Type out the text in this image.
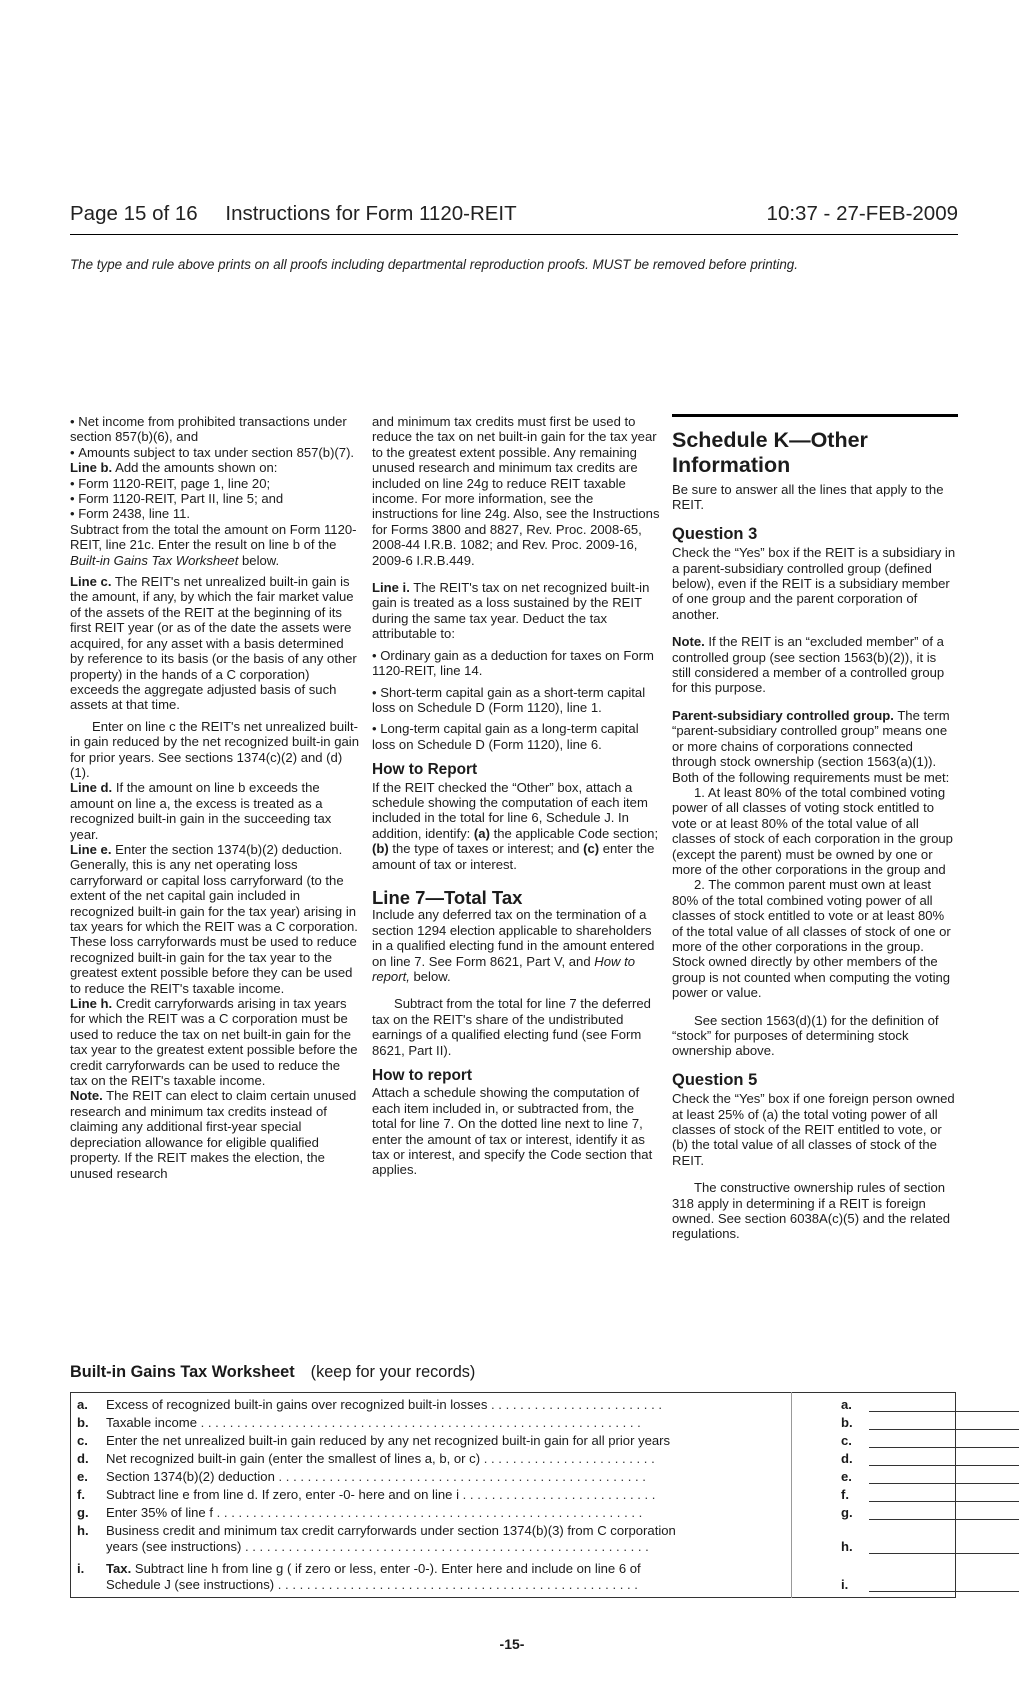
Page 15 of 16 Instructions for Form 1120-REIT	10:37 - 27-FEB-2009
The type and rule above prints on all proofs including departmental reproduction proofs. MUST be removed before printing.

• Net income from prohibited transactions under section 857(b)(6), and

• Amounts subject to tax under section 857(b)(7).

Line b. Add the amounts shown on:

• Form 1120-REIT, page 1, line 20;

• Form 1120-REIT, Part II, line 5; and

• Form 2438, line 11.

Subtract from the total the amount on Form 1120-REIT, line 21c. Enter the result on line b of the Built-in Gains Tax Worksheet below.

Line c. The REIT's net unrealized built-in gain is the amount, if any, by which the fair market value of the assets of the REIT at the beginning of its first REIT year (or as of the date the assets were acquired, for any asset with a basis determined by reference to its basis (or the basis of any other property) in the hands of a C corporation) exceeds the aggregate adjusted basis of such assets at that time.

Enter on line c the REIT's net unrealized built-in gain reduced by the net recognized built-in gain for prior years. See sections 1374(c)(2) and (d)(1).

Line d. If the amount on line b exceeds the amount on line a, the excess is treated as a recognized built-in gain in the succeeding tax year.

Line e. Enter the section 1374(b)(2) deduction. Generally, this is any net operating loss carryforward or capital loss carryforward (to the extent of the net capital gain included in recognized built-in gain for the tax year) arising in tax years for which the REIT was a C corporation. These loss carryforwards must be used to reduce recognized built-in gain for the tax year to the greatest extent possible before they can be used to reduce the REIT's taxable income.

Line h. Credit carryforwards arising in tax years for which the REIT was a C corporation must be used to reduce the tax on net built-in gain for the tax year to the greatest extent possible before the credit carryforwards can be used to reduce the tax on the REIT's taxable income.

Note. The REIT can elect to claim certain unused research and minimum tax credits instead of claiming any additional first-year special depreciation allowance for eligible qualified property. If the REIT makes the election, the unused research

and minimum tax credits must first be used to reduce the tax on net built-in gain for the tax year to the greatest extent possible. Any remaining unused research and minimum tax credits are included on line 24g to reduce REIT taxable income. For more information, see the instructions for line 24g. Also, see the Instructions for Forms 3800 and 8827, Rev. Proc. 2008-65, 2008-44 I.R.B. 1082; and Rev. Proc. 2009-16, 2009-6 I.R.B.449.

Line i. The REIT's tax on net recognized built-in gain is treated as a loss sustained by the REIT during the same tax year. Deduct the tax attributable to:

• Ordinary gain as a deduction for taxes on Form 1120-REIT, line 14.

• Short-term capital gain as a short-term capital loss on Schedule D (Form 1120), line 1.

• Long-term capital gain as a long-term capital loss on Schedule D (Form 1120), line 6.

How to Report

If the REIT checked the “Other” box, attach a schedule showing the computation of each item included in the total for line 6, Schedule J. In addition, identify: (a) the applicable Code section; (b) the type of taxes or interest; and (c) enter the amount of tax or interest.

Line 7—Total Tax

Include any deferred tax on the termination of a section 1294 election applicable to shareholders in a qualified electing fund in the amount entered on line 7. See Form 8621, Part V, and How to report, below.

Subtract from the total for line 7 the deferred tax on the REIT's share of the undistributed earnings of a qualified electing fund (see Form 8621, Part II).

How to report

Attach a schedule showing the computation of each item included in, or subtracted from, the total for line 7. On the dotted line next to line 7, enter the amount of tax or interest, identify it as tax or interest, and specify the Code section that applies.

Schedule K—Other Information

Be sure to answer all the lines that apply to the REIT.

Question 3

Check the “Yes” box if the REIT is a subsidiary in a parent-subsidiary controlled group (defined below), even if the REIT is a subsidiary member of one group and the parent corporation of another.

Note. If the REIT is an “excluded member” of a controlled group (see section 1563(b)(2)), it is still considered a member of a controlled group for this purpose.

Parent-subsidiary controlled group. The term “parent-subsidiary controlled group” means one or more chains of corporations connected through stock ownership (section 1563(a)(1)). Both of the following requirements must be met:

1. At least 80% of the total combined voting power of all classes of voting stock entitled to vote or at least 80% of the total value of all classes of stock of each corporation in the group (except the parent) must be owned by one or more of the other corporations in the group and

2. The common parent must own at least 80% of the total combined voting power of all classes of stock entitled to vote or at least 80% of the total value of all classes of stock of one or more of the other corporations in the group. Stock owned directly by other members of the group is not counted when computing the voting power or value.

See section 1563(d)(1) for the definition of “stock” for purposes of determining stock ownership above.

Question 5

Check the “Yes” box if one foreign person owned at least 25% of (a) the total voting power of all classes of stock of the REIT entitled to vote, or (b) the total value of all classes of stock of the REIT.

The constructive ownership rules of section 318 apply in determining if a REIT is foreign owned. See section 6038A(c)(5) and the related regulations.

Built-in Gains Tax Worksheet (keep for your records)
a. Excess of recognized built-in gains over recognized built-in losses . . . . . . . . . . . . . . . . . . . . . . . .	a.
b. Taxable income . . . . . . . . . . . . . . . . . . . . . . . . . . . . . . . . . . . . . . . . . . . . . . . . . . . . . . . . . . . . .	b.
c. Enter the net unrealized built-in gain reduced by any net recognized built-in gain for all prior years	c.
d. Net recognized built-in gain (enter the smallest of lines a, b, or c) . . . . . . . . . . . . . . . . . . . . . . . .	d.
e. Section 1374(b)(2) deduction . . . . . . . . . . . . . . . . . . . . . . . . . . . . . . . . . . . . . . . . . . . . . . . . . . .	e.
f. Subtract line e from line d. If zero, enter -0- here and on line i . . . . . . . . . . . . . . . . . . . . . . . . . . .	f.
g. Enter 35% of line f . . . . . . . . . . . . . . . . . . . . . . . . . . . . . . . . . . . . . . . . . . . . . . . . . . . . . . . . . . .	g.
h. Business credit and minimum tax credit carryforwards under section 1374(b)(3) from C corporation
years (see instructions) . . . . . . . . . . . . . . . . . . . . . . . . . . . . . . . . . . . . . . . . . . . . . . . . . . . . . . . .	h.
i. Tax. Subtract line h from line g ( if zero or less, enter -0-). Enter here and include on line 6 of
Schedule J (see instructions) . . . . . . . . . . . . . . . . . . . . . . . . . . . . . . . . . . . . . . . . . . . . . . . . . .	i.
-15-
